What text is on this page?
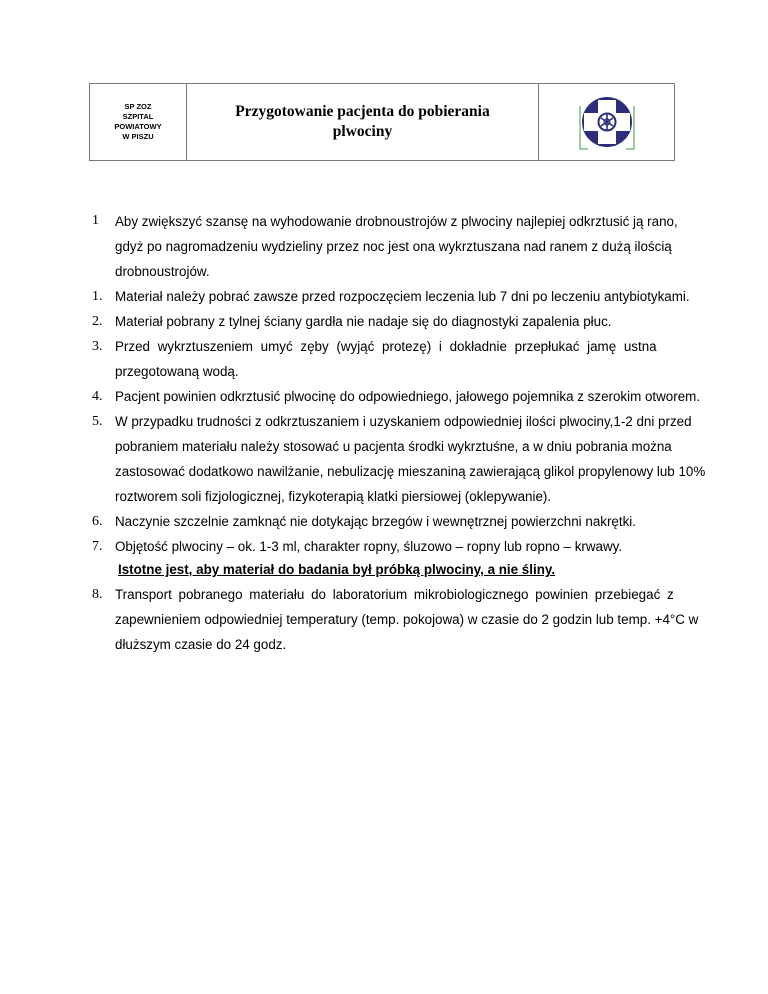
SP ZOZ
SZPITAL
POWIATOWY
W PISZU
Przygotowanie pacjenta do pobierania
plwociny
1 Aby zwiększyć szansę na wyhodowanie drobnoustrojów z plwociny najlepiej odkrztusić ją rano,
gdyż po nagromadzeniu wydzieliny przez noc jest ona wykrztuszana nad ranem z dużą ilością
drobnoustrojów.
1. Materiał należy pobrać zawsze przed rozpoczęciem leczenia lub 7 dni po leczeniu antybiotykami.
2. Materiał pobrany z tylnej ściany gardła nie nadaje się do diagnostyki zapalenia płuc.
3. Przed wykrztuszeniem umyć zęby (wyjąć protezę) i dokładnie przepłukać jamę ustna
przegotowaną wodą.
4. Pacjent powinien odkrztusić plwocinę do odpowiedniego, jałowego pojemnika z szerokim otworem.
5. W przypadku trudności z odkrztuszaniem i uzyskaniem odpowiedniej ilości plwociny,1-2 dni przed
pobraniem materiału należy stosować u pacjenta środki wykrztuśne, a w dniu pobrania można
zastosować dodatkowo nawilżanie, nebulizację mieszaniną zawierającą glikol propylenowy lub 10%
roztworem soli fizjologicznej, fizykoterapią klatki piersiowej (oklepywanie).
6. Naczynie szczelnie zamknąć nie dotykając brzegów i wewnętrznej powierzchni nakrętki.
7. Objętość plwociny – ok. 1-3 ml, charakter ropny, śluzowo – ropny lub ropno – krwawy.
Istotne jest, aby materiał do badania był próbką plwociny, a nie śliny.
8. Transport pobranego materiału do laboratorium mikrobiologicznego powinien przebiegać z
zapewnieniem odpowiedniej temperatury (temp. pokojowa) w czasie do 2 godzin lub temp. +4°C w
dłuższym czasie do 24 godz.
